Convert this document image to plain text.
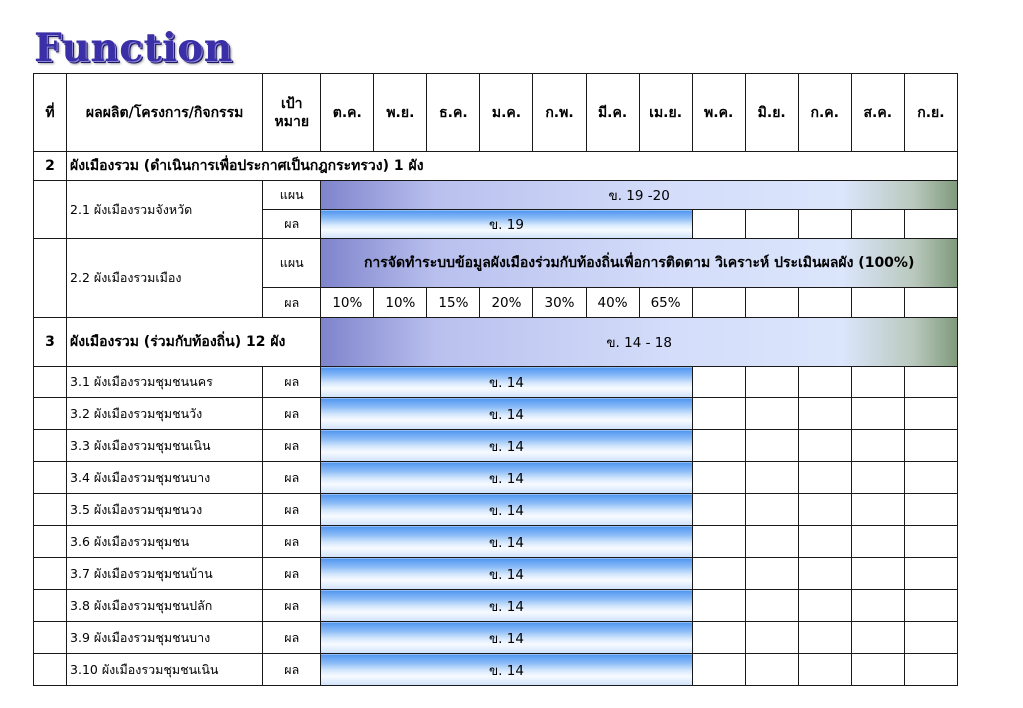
Function
ที่	ผลผลิต/โครงการ/กิจกรรม	เป้าหมาย	ต.ค.	พ.ย.	ธ.ค.	ม.ค.	ก.พ.	มี.ค.	เม.ย.	พ.ค.	มิ.ย.	ก.ค.	ส.ค.	ก.ย.
2	ผังเมืองรวม (ดำเนินการเพื่อประกาศเป็นกฎกระทรวง) 1 ผัง													
	2.1 ผังเมืองรวมจังหวัด	แผน	ข. 19 -20											
		ผล	ข. 19											
	2.2 ผังเมืองรวมเมือง	แผน	การจัดทำระบบข้อมูลผังเมืองร่วมกับท้องถิ่นเพื่อการติดตาม วิเคราะห์ ประเมินผลผัง (100%)											
		ผล	10%	10%	15%	20%	30%	40%	65%					
3	ผังเมืองรวม (ร่วมกับท้องถิ่น) 12 ผัง		ข. 14 - 18											
	3.1 ผังเมืองรวมชุมชนนคร	ผล	ข. 14											
	3.2 ผังเมืองรวมชุมชนวัง	ผล	ข. 14											
	3.3 ผังเมืองรวมชุมชนเนิน	ผล	ข. 14											
	3.4 ผังเมืองรวมชุมชนบาง	ผล	ข. 14											
	3.5 ผังเมืองรวมชุมชนวง	ผล	ข. 14											
	3.6 ผังเมืองรวมชุมชน	ผล	ข. 14											
	3.7 ผังเมืองรวมชุมชนบ้าน	ผล	ข. 14											
	3.8 ผังเมืองรวมชุมชนปลัก	ผล	ข. 14											
	3.9 ผังเมืองรวมชุมชนบาง	ผล	ข. 14											
	3.10 ผังเมืองรวมชุมชนเนิน	ผล	ข. 14											
